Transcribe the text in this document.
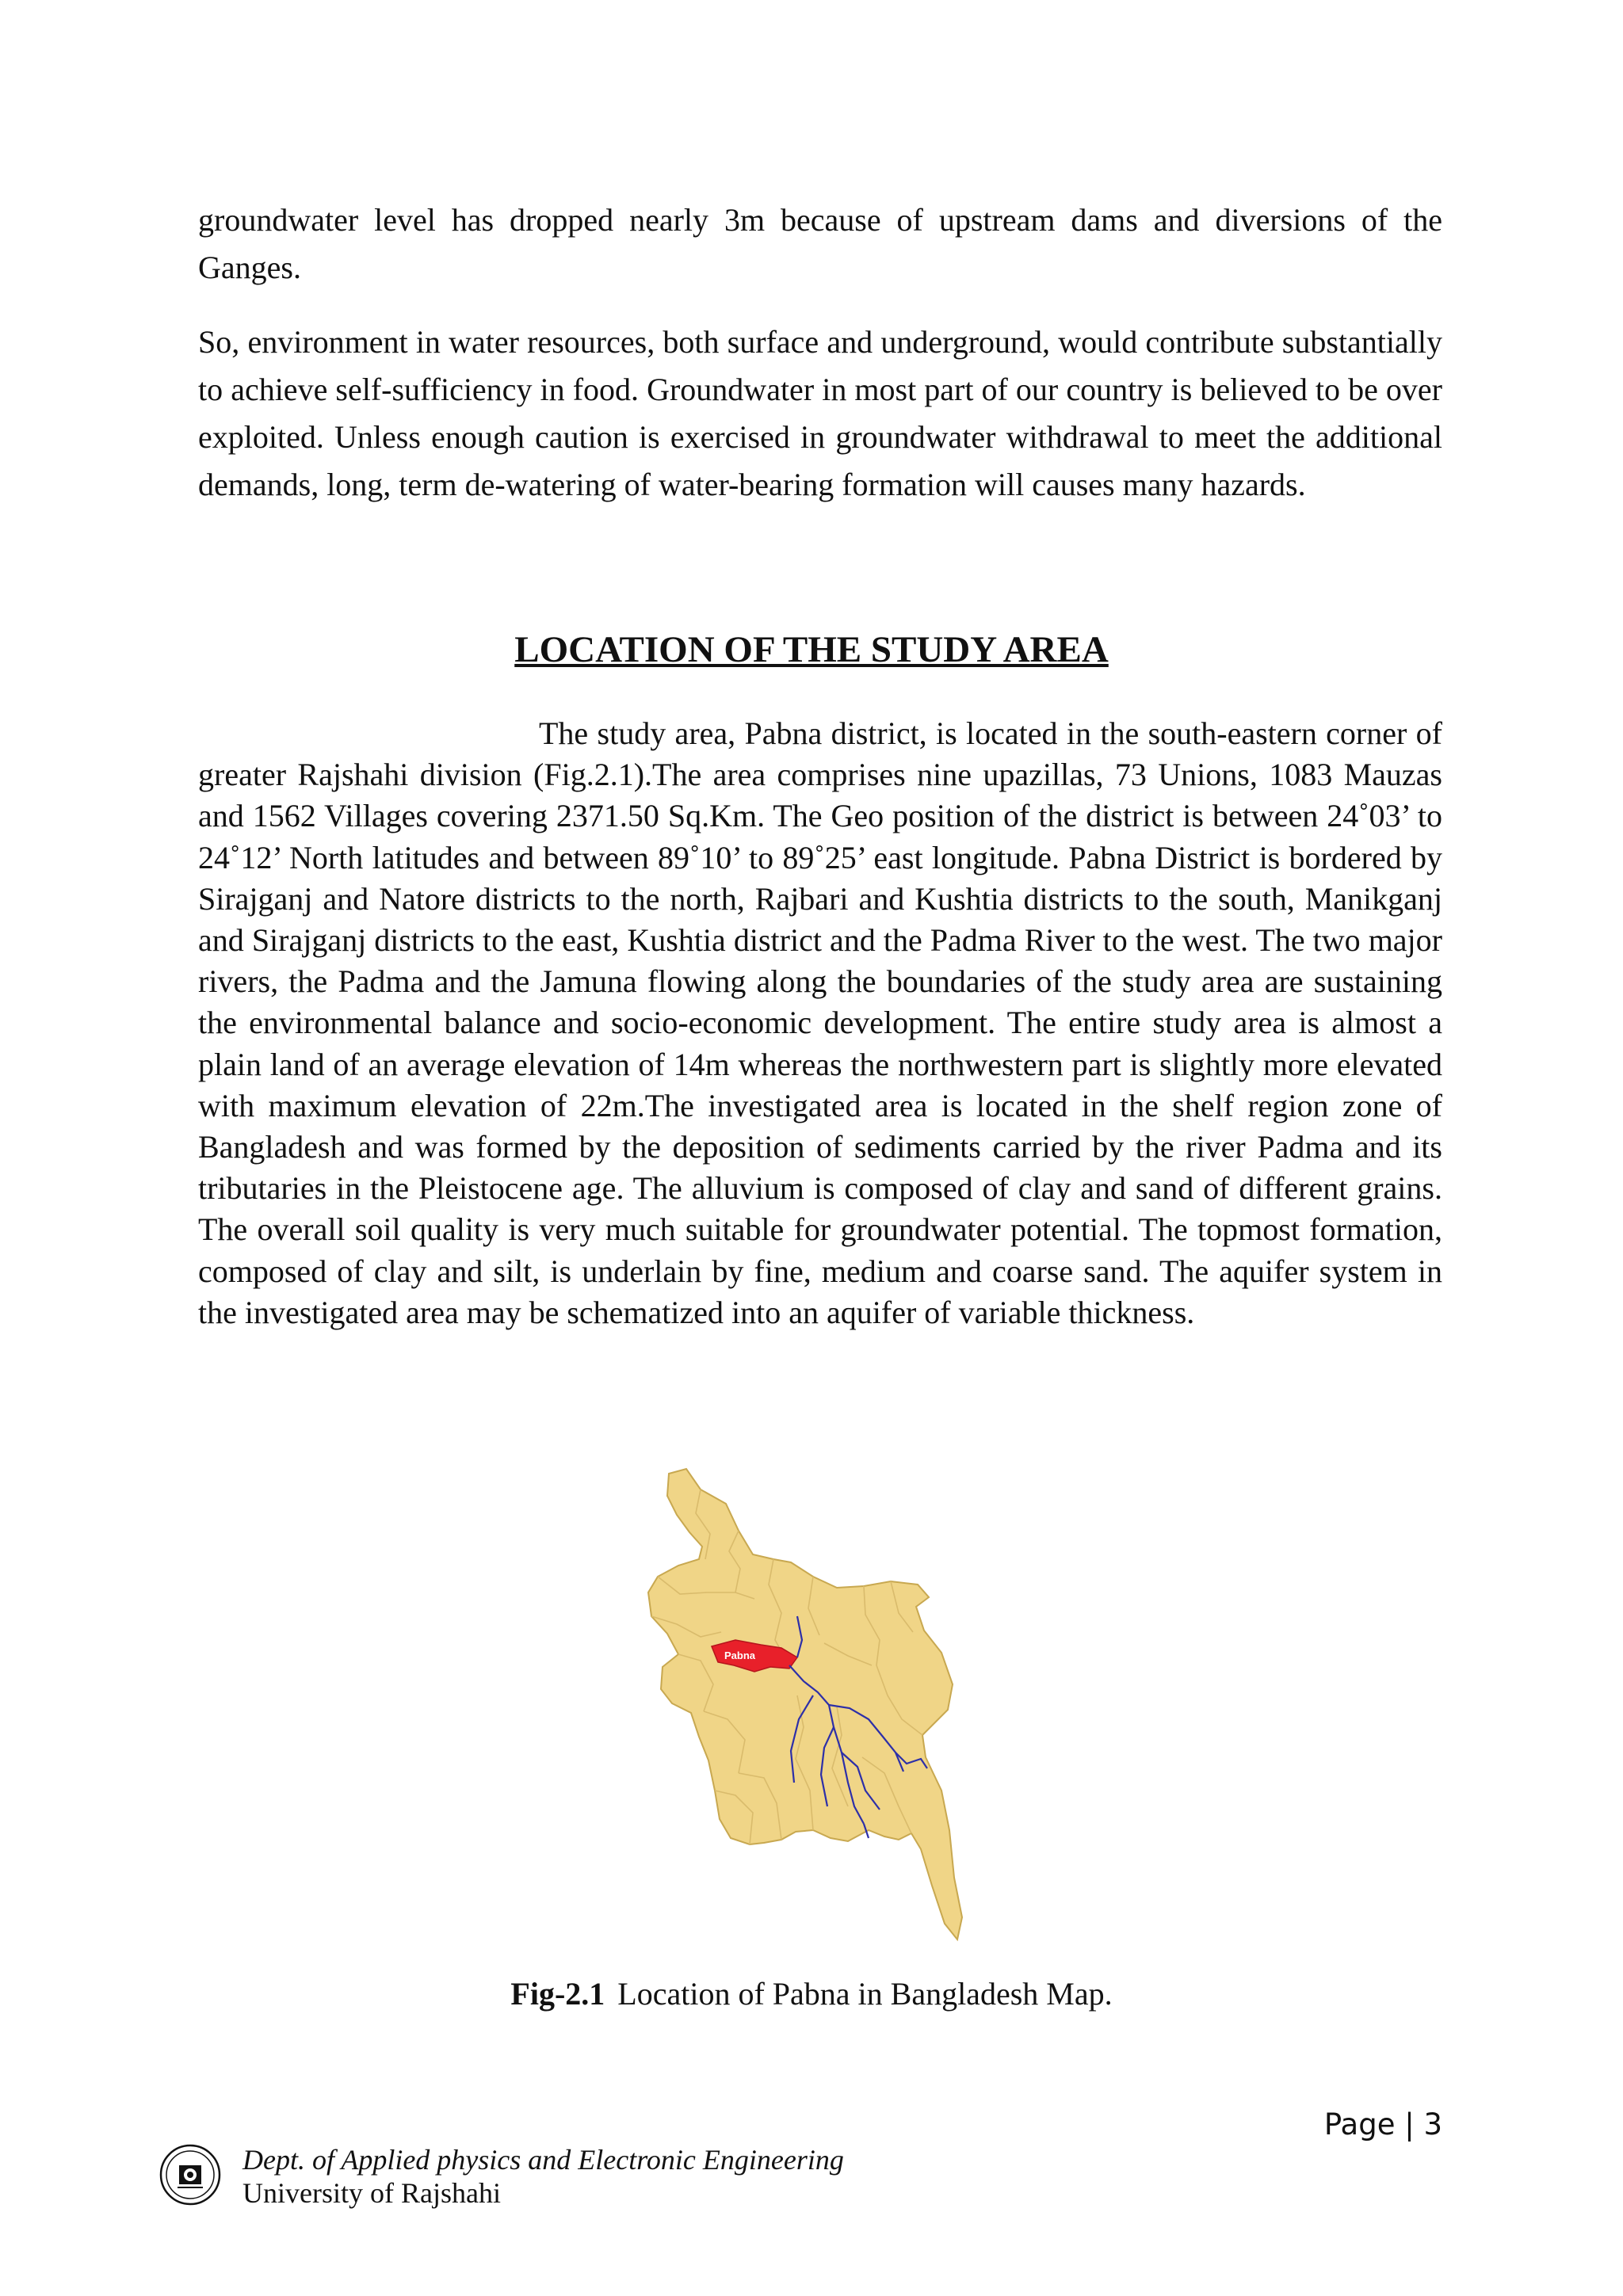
groundwater level has dropped nearly 3m because of upstream dams and diversions of the Ganges.

So, environment in water resources, both surface and underground, would contribute substantially to achieve self-sufficiency in food. Groundwater in most part of our country is believed to be over exploited. Unless enough caution is exercised in groundwater withdrawal to meet the additional demands, long, term de-watering of water-bearing formation will causes many hazards.

LOCATION OF THE STUDY AREA

The study area, Pabna district, is located in the south-eastern corner of greater Rajshahi division (Fig.2.1).The area comprises nine upazillas, 73 Unions, 1083 Mauzas and 1562 Villages covering 2371.50 Sq.Km. The Geo position of the district is between 24˚03’ to 24˚12’ North latitudes and between 89˚10’ to 89˚25’ east longitude. Pabna District is bordered by Sirajganj and Natore districts to the north, Rajbari and Kushtia districts to the south, Manikganj and Sirajganj districts to the east, Kushtia district and the Padma River to the west. The two major rivers, the Padma and the Jamuna flowing along the boundaries of the study area are sustaining the environmental balance and socio-economic development. The entire study area is almost a plain land of an average elevation of 14m whereas the northwestern part is slightly more elevated with maximum elevation of 22m.The investigated area is located in the shelf region zone of Bangladesh and was formed by the deposition of sediments carried by the river Padma and its tributaries in the Pleistocene age. The alluvium is composed of clay and sand of different grains. The overall soil quality is very much suitable for groundwater potential. The topmost formation, composed of clay and silt, is underlain by fine, medium and coarse sand. The aquifer system in the investigated area may be schematized into an aquifer of variable thickness.

Pabna

Fig-2.1 Location of Pabna in Bangladesh Map.

Page | 3
Dept. of Applied physics and Electronic Engineering
University of Rajshahi
